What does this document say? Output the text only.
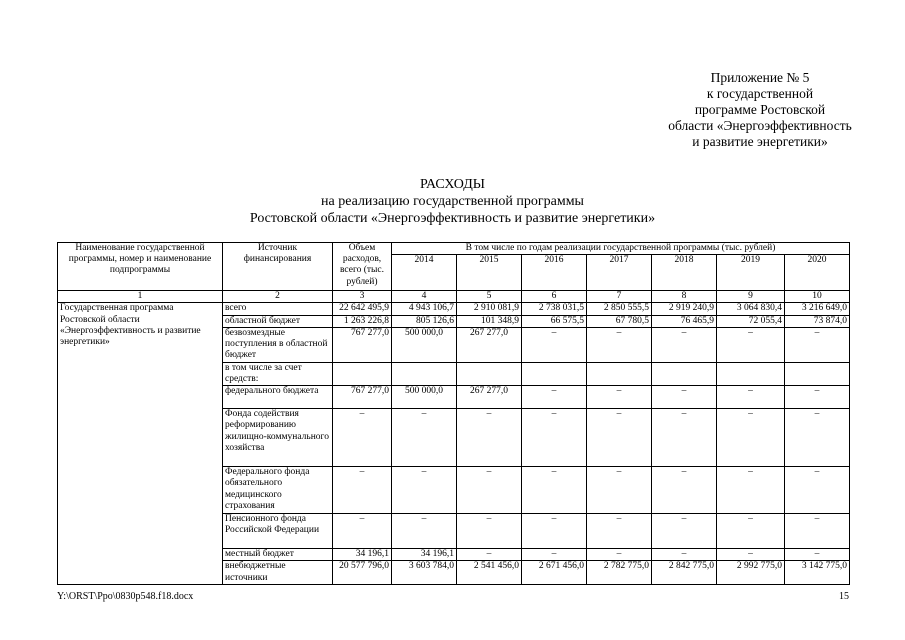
Приложение № 5
к государственной
программе Ростовской
области «Энергоэффективность
и развитие энергетики»
РАСХОДЫ
на реализацию государственной программы
Ростовской области «Энергоэффективность и развитие энергетики»
Наименование государственной программы, номер и наименование подпрограммы	Источник финансирования	Объем расходов, всего (тыс. рублей)	В том числе по годам реализации государственной программы (тыс. рублей)						
			2014	2015	2016	2017	2018	2019	2020
1	2	3	4	5	6	7	8	9	10
Государственная программа Ростовской области «Энергоэффективность и развитие энергетики»	всего	22 642 495,9	4 943 106,7	2 910 081,9	2 738 031,5	2 850 555,5	2 919 240,9	3 064 830,4	3 216 649,0
	областной бюджет	1 263 226,8	805 126,6	101 348,9	66 575,5	67 780,5	76 465,9	72 055,4	73 874,0
	безвозмездные поступления в областной бюджет	767 277,0	500 000,0	267 277,0	–	–	–	–	–
	в том числе за счет средств:								
	федерального бюджета	767 277,0	500 000,0	267 277,0	–	–	–	–	–
	Фонда содействия реформированию жилищно-коммунального хозяйства	–	–	–	–	–	–	–	–
	Федерального фонда обязательного медицинского страхования	–	–	–	–	–	–	–	–
	Пенсионного фонда Российской Федерации	–	–	–	–	–	–	–	–
	местный бюджет	34 196,1	34 196,1	–	–	–	–	–	–
	внебюджетные источники	20 577 796,0	3 603 784,0	2 541 456,0	2 671 456,0	2 782 775,0	2 842 775,0	2 992 775,0	3 142 775,0
Y:\ORST\Ppo\0830p548.f18.docx	15
